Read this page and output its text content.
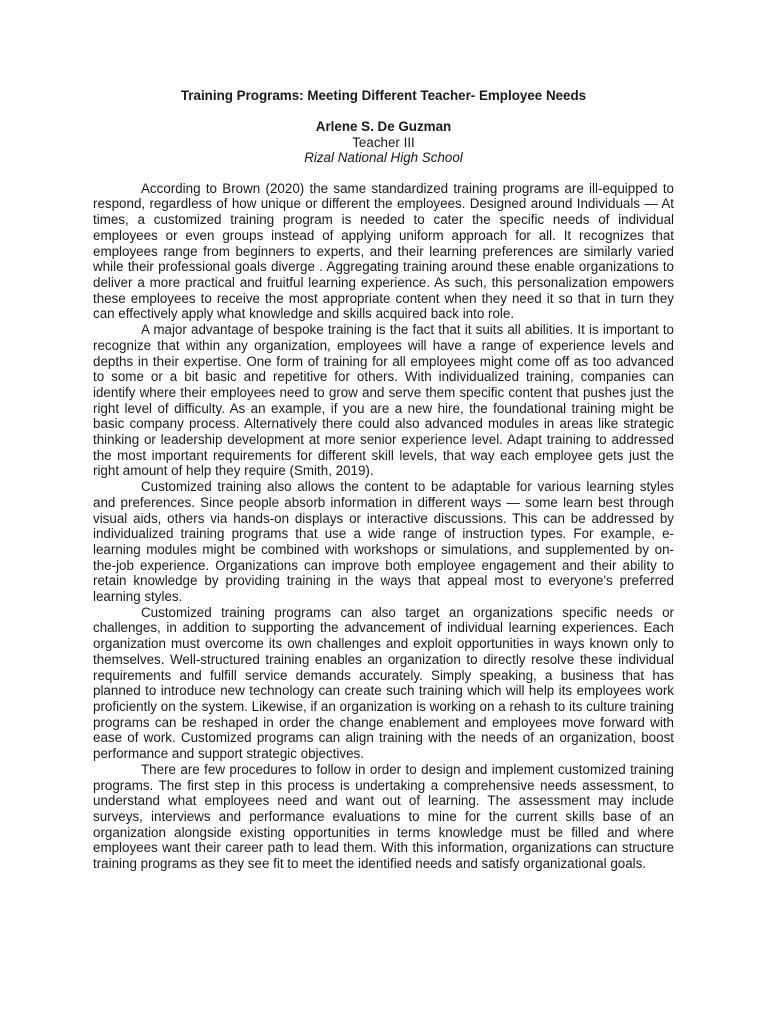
Training Programs: Meeting Different Teacher- Employee Needs
Arlene S. De Guzman
Teacher III
Rizal National High School

According to Brown (2020) the same standardized training programs are ill-equipped to respond, regardless of how unique or different the employees. Designed around Individuals — At times, a customized training program is needed to cater the specific needs of individual employees or even groups instead of applying uniform approach for all. It recognizes that employees range from beginners to experts, and their learning preferences are similarly varied while their professional goals diverge . Aggregating training around these enable organizations to deliver a more practical and fruitful learning experience. As such, this personalization empowers these employees to receive the most appropriate content when they need it so that in turn they can effectively apply what knowledge and skills acquired back into role.

A major advantage of bespoke training is the fact that it suits all abilities. It is important to recognize that within any organization, employees will have a range of experience levels and depths in their expertise. One form of training for all employees might come off as too advanced to some or a bit basic and repetitive for others. With individualized training, companies can identify where their employees need to grow and serve them specific content that pushes just the right level of difficulty. As an example, if you are a new hire, the foundational training might be basic company process. Alternatively there could also advanced modules in areas like strategic thinking or leadership development at more senior experience level. Adapt training to addressed the most important requirements for different skill levels, that way each employee gets just the right amount of help they require (Smith, 2019).

Customized training also allows the content to be adaptable for various learning styles and preferences. Since people absorb information in different ways — some learn best through visual aids, others via hands-on displays or interactive discussions. This can be addressed by individualized training programs that use a wide range of instruction types. For example, e-learning modules might be combined with workshops or simulations, and supplemented by on-the-job experience. Organizations can improve both employee engagement and their ability to retain knowledge by providing training in the ways that appeal most to everyone's preferred learning styles.

Customized training programs can also target an organizations specific needs or challenges, in addition to supporting the advancement of individual learning experiences. Each organization must overcome its own challenges and exploit opportunities in ways known only to themselves. Well-structured training enables an organization to directly resolve these individual requirements and fulfill service demands accurately. Simply speaking, a business that has planned to introduce new technology can create such training which will help its employees work proficiently on the system. Likewise, if an organization is working on a rehash to its culture training programs can be reshaped in order the change enablement and employees move forward with ease of work. Customized programs can align training with the needs of an organization, boost performance and support strategic objectives.

There are few procedures to follow in order to design and implement customized training programs. The first step in this process is undertaking a comprehensive needs assessment, to understand what employees need and want out of learning. The assessment may include surveys, interviews and performance evaluations to mine for the current skills base of an organization alongside existing opportunities in terms knowledge must be filled and where employees want their career path to lead them. With this information, organizations can structure training programs as they see fit to meet the identified needs and satisfy organizational goals.
